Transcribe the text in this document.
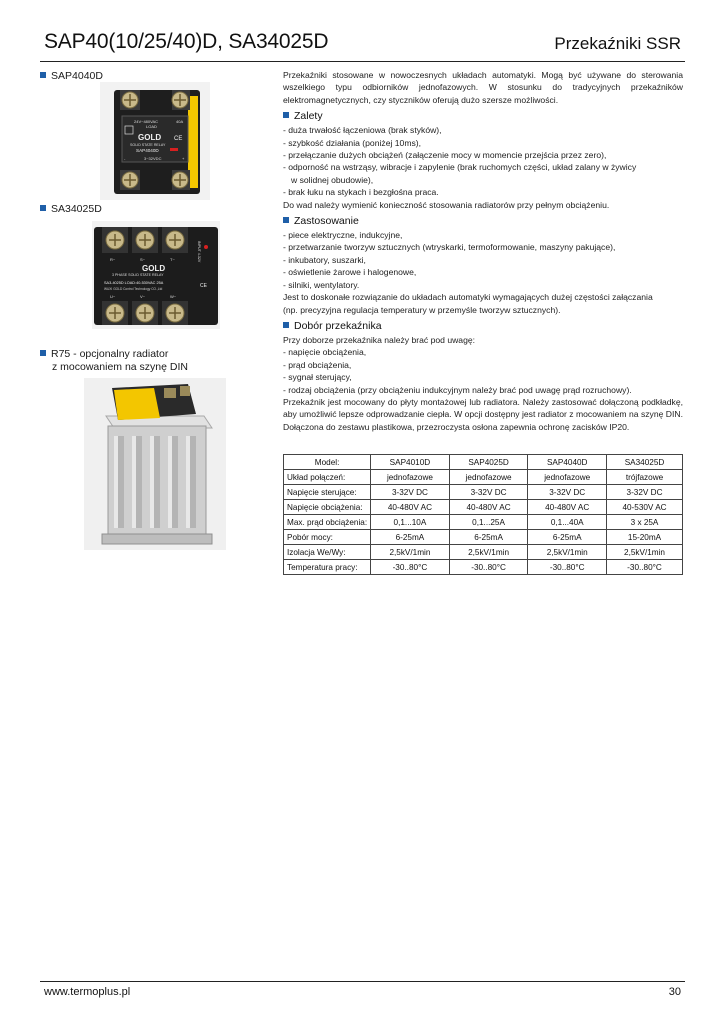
SAP40(10/25/40)D, SA34025D	Przekaźniki SSR
SAP4040D
24V~480VAC	40A
LOAD
GOLD CE
SOLID STATE RELAY
SAP4040D
-	3~32VDC	+
SA34025D
INPUT 4-32V
R~	S~	T~
GOLD
3 PHASE SOLID STATE RELAY
SA3-4025D LOAD:40-530VAC 25A
WUXI GOLD Control Technology CO.,Ltd	CE
U~	V~	W~
R75 - opcjonalny radiator
z mocowaniem na szynę DIN

Przekaźniki stosowane w nowoczesnych układach automatyki. Mogą być używane do sterowania wszelkiego typu odbiorników jednofazowych. W stosunku do tradycyjnych przekaźników elektromagnetycznych, czy styczników oferują dużo szersze możliwości.

Zalety

- duża trwałość łączeniowa (brak styków),

- szybkość działania (poniżej 10ms),

- przełączanie dużych obciążeń (załączenie mocy w momencie przejścia przez zero),

- odporność na wstrząsy, wibracje i zapylenie (brak ruchomych części, układ zalany w żywicy

w solidnej obudowie),

- brak łuku na stykach i bezgłośna praca.

Do wad należy wymienić konieczność stosowania radiatorów przy pełnym obciążeniu.

Zastosowanie

- piece elektryczne, indukcyjne,

- przetwarzanie tworzyw sztucznych (wtryskarki, termoformowanie, maszyny pakujące),

- inkubatory, suszarki,

- oświetlenie żarowe i halogenowe,

- silniki, wentylatory.

Jest to doskonałe rozwiązanie do układach automatyki wymagających dużej częstości załączania

(np. precyzyjna regulacja temperatury w przemyśle tworzyw sztucznych).

Dobór przekaźnika

Przy doborze przekaźnika należy brać pod uwagę:

- napięcie obciążenia,

- prąd obciążenia,

- sygnał sterujący,

- rodzaj obciążenia (przy obciążeniu indukcyjnym należy brać pod uwagę prąd rozruchowy).

Przekaźnik jest mocowany do płyty montażowej lub radiatora. Należy zastosować dołączoną podkładkę, aby umożliwić lepsze odprowadzanie ciepła. W opcji dostępny jest radiator z mocowaniem na szynę DIN. Dołączona do zestawu plastikowa, przezroczysta osłona zapewnia ochronę zacisków IP20.

Model:	SAP4010D	SAP4025D	SAP4040D	SA34025D
Układ połączeń:	jednofazowe	jednofazowe	jednofazowe	trójfazowe
Napięcie sterujące:	3-32V DC	3-32V DC	3-32V DC	3-32V DC
Napięcie obciążenia:	40-480V AC	40-480V AC	40-480V AC	40-530V AC
Max. prąd obciążenia:	0,1...10A	0,1...25A	0,1...40A	3 x 25A
Pobór mocy:	6-25mA	6-25mA	6-25mA	15-20mA
Izolacja We/Wy:	2,5kV/1min	2,5kV/1min	2,5kV/1min	2,5kV/1min
Temperatura pracy:	-30..80°C	-30..80°C	-30..80°C	-30..80°C
www.termoplus.pl	30
